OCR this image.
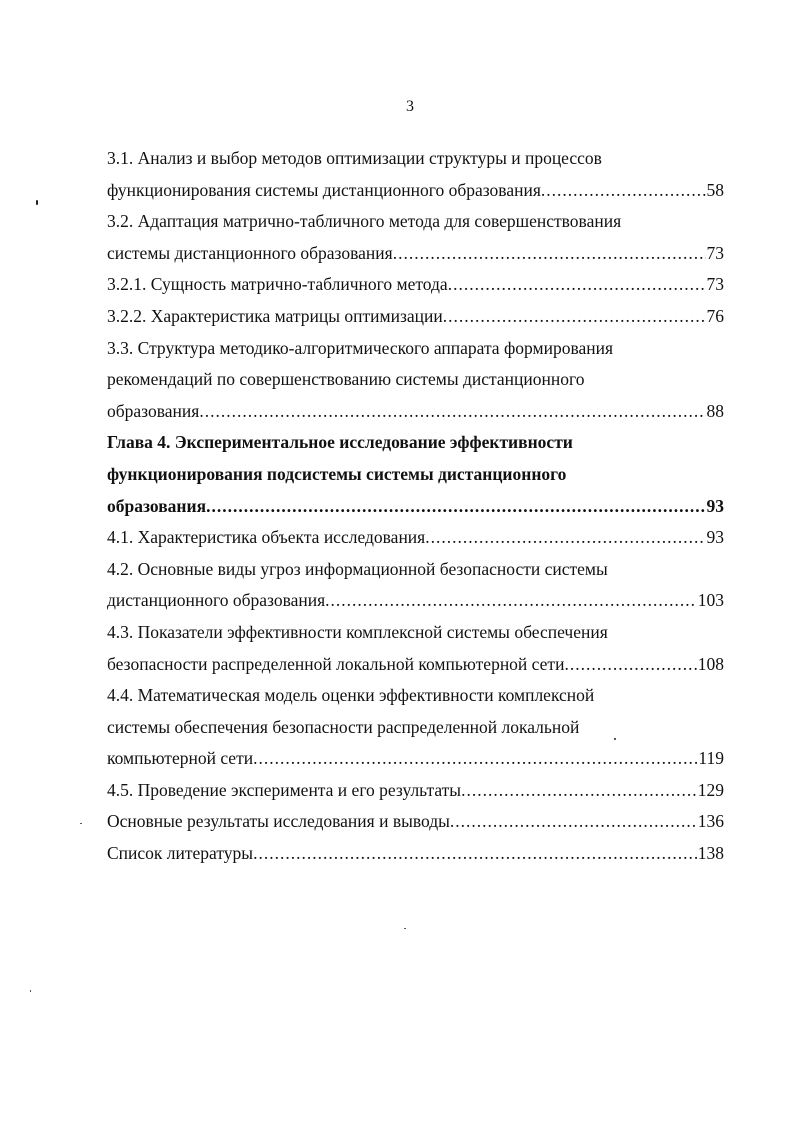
3
3.1. Анализ и выбор методов оптимизации структуры и процессов
функционирования системы дистанционного образования .....	58
3.2. Адаптация матрично-табличного метода для совершенствования
системы дистанционного образования .....	73
3.2.1. Сущность матрично-табличного метода .....	73
3.2.2. Характеристика матрицы оптимизации .....	76
3.3. Структура методико-алгоритмического аппарата формирования
рекомендаций по совершенствованию системы дистанционного
образования .....	88
Глава 4. Экспериментальное исследование эффективности
функционирования подсистемы системы дистанционного
образования .....	93
4.1. Характеристика объекта исследования .....	93
4.2. Основные виды угроз информационной безопасности системы
дистанционного образования .....	103
4.3. Показатели эффективности комплексной системы обеспечения
безопасности распределенной локальной компьютерной сети .....	108
4.4. Математическая модель оценки эффективности комплексной
системы обеспечения безопасности распределенной локальной
компьютерной сети .....	119
4.5. Проведение эксперимента и его результаты .....	129
Основные результаты исследования и выводы .....	136
Список литературы .....	138
